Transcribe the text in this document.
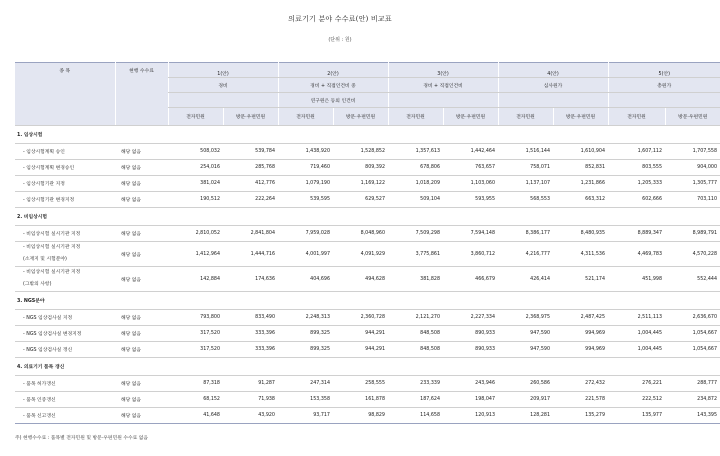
의료기기 분야 수수료(안) 비교표
(단위 : 원)
종 목	현행 수수료	1(안)		2(안)		3(안)		4(안)		5(안)	
		경비		경비 + 직접인건비 중		경비 + 직접인건비		심사원가		총원가	
				연구원은 등외 인건비							
		전자민원	방문·우편민원	전자민원	방문·우편민원	전자민원	방문·우편민원	전자민원	방문·우편민원	전자민원	방문·우편민원
1. 임상시험											
- 임상시험계획 승인	해당 없음	508,032	539,784	1,438,920	1,528,852	1,357,613	1,442,464	1,516,144	1,610,904	1,607,112	1,707,558
- 임상시험계획 변경승인	해당 없음	254,016	285,768	719,460	809,392	678,806	763,657	758,071	852,831	803,555	904,000
- 임상시험기관 지정	해당 없음	381,024	412,776	1,079,190	1,169,122	1,018,209	1,103,060	1,137,107	1,231,866	1,205,333	1,305,777
- 임상시험기관 변경지정	해당 없음	190,512	222,264	539,595	629,527	509,104	593,955	568,553	663,312	602,666	703,110
2. 비임상시험											
- 비임상시험 실시기관 지정	해당 없음	2,810,052	2,841,804	7,959,028	8,048,960	7,509,298	7,594,148	8,386,177	8,480,935	8,889,347	8,989,791
- 비임상시험 실시기관 지정
(소재지 및 시험분야)	해당 없음	1,412,964	1,444,716	4,001,997	4,091,929	3,775,861	3,860,712	4,216,777	4,311,536	4,469,783	4,570,228
- 비임상시험 실시기관 지정
(그밖의 사항)	해당 없음	142,884	174,636	404,696	494,628	381,828	466,679	426,414	521,174	451,998	552,444
3. NGS분야											
- NGS 임상검사실 지정	해당 없음	793,800	833,490	2,248,313	2,360,728	2,121,270	2,227,334	2,368,975	2,487,425	2,511,113	2,636,670
- NGS 임상검사실 변경지정	해당 없음	317,520	333,396	899,325	944,291	848,508	890,933	947,590	994,969	1,004,445	1,054,667
- NGS 임상검사실 갱신	해당 없음	317,520	333,396	899,325	944,291	848,508	890,933	947,590	994,969	1,004,445	1,054,667
4. 의료기기 품목 갱신											
- 품목 허가갱신	해당 없음	87,318	91,287	247,314	258,555	233,339	243,946	260,586	272,432	276,221	288,777
- 품목 인증갱신	해당 없음	68,152	71,938	153,358	161,878	187,624	198,047	209,917	221,578	222,512	234,872
- 품목 신고갱신	해당 없음	41,648	43,920	93,717	98,829	114,658	120,913	128,281	135,279	135,977	143,395
주) 현행수수료 : 품목별 전자민원 및 방문·우편민원 수수료 없음
